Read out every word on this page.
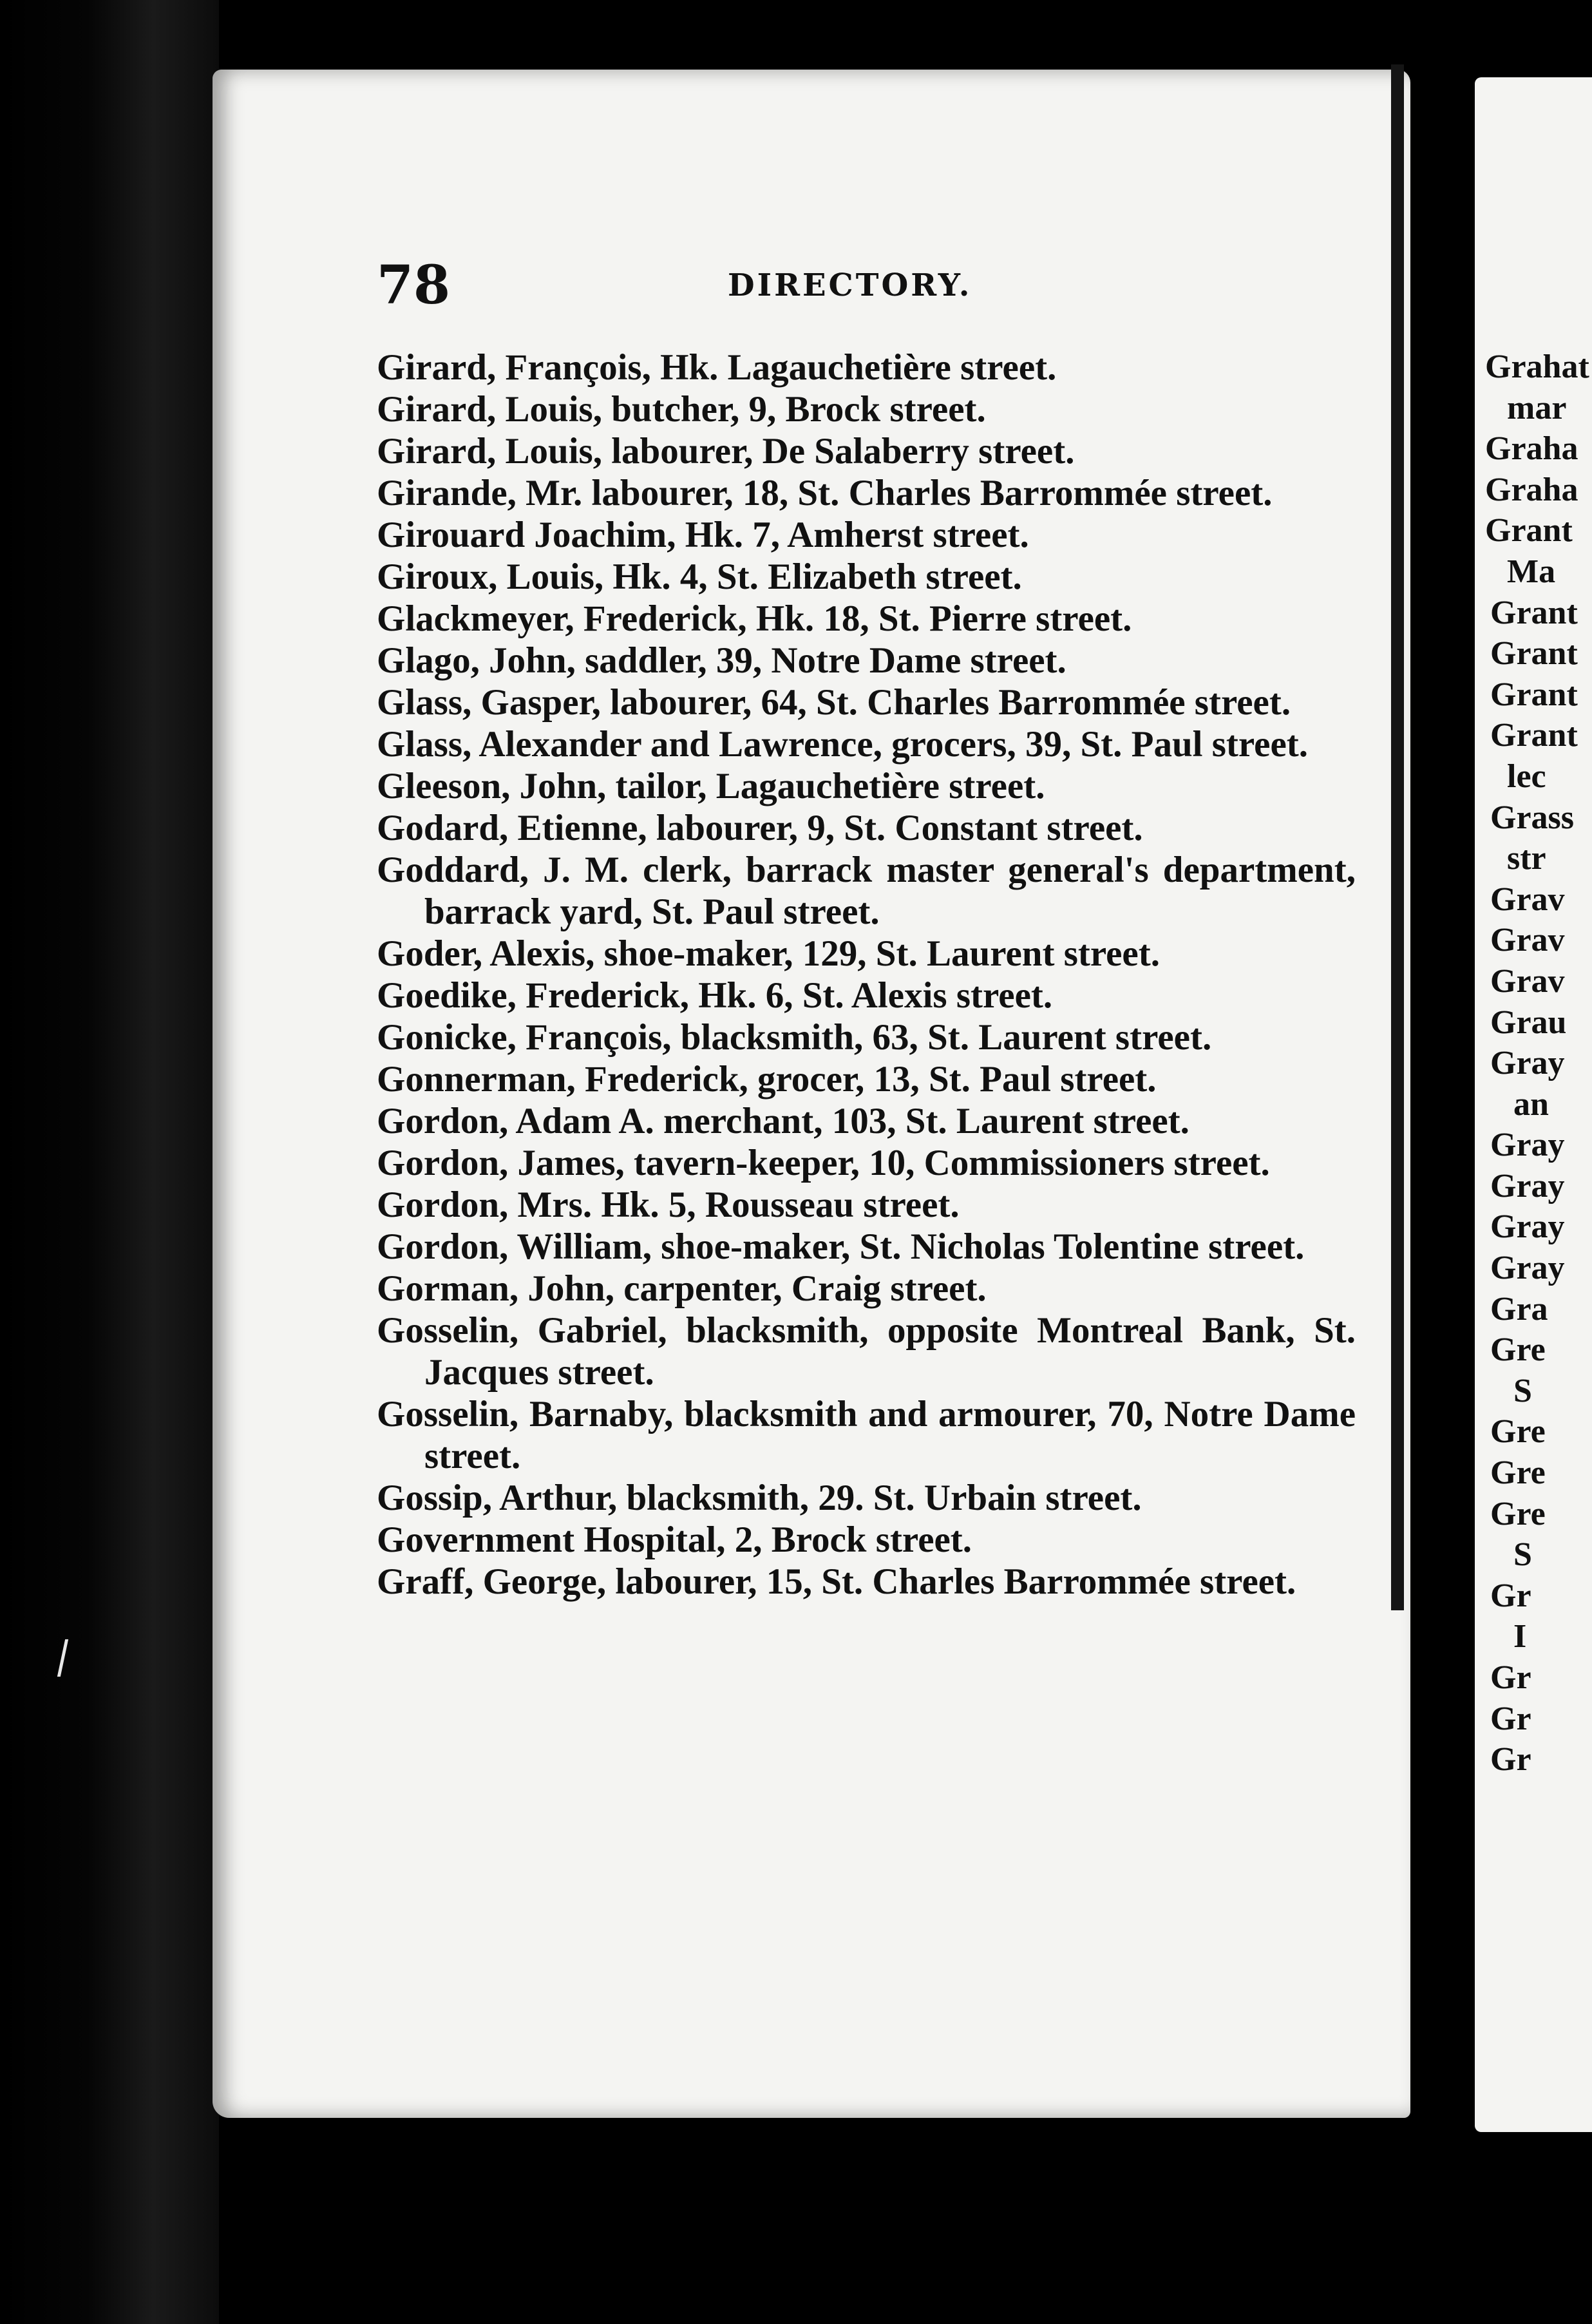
78	DIRECTORY.
Girard, François, Hk. Lagauchetière street.
Girard, Louis, butcher, 9, Brock street.
Girard, Louis, labourer, De Salaberry street.
Girande, Mr. labourer, 18, St. Charles Barrommée street.
Girouard Joachim, Hk. 7, Amherst street.
Giroux, Louis, Hk. 4, St. Elizabeth street.
Glackmeyer, Frederick, Hk. 18, St. Pierre street.
Glago, John, saddler, 39, Notre Dame street.
Glass, Gasper, labourer, 64, St. Charles Barrommée street.
Glass, Alexander and Lawrence, grocers, 39, St. Paul street.
Gleeson, John, tailor, Lagauchetière street.
Godard, Etienne, labourer, 9, St. Constant street.
Goddard, J. M. clerk, barrack master general's department, barrack yard, St. Paul street.
Goder, Alexis, shoe-maker, 129, St. Laurent street.
Goedike, Frederick, Hk. 6, St. Alexis street.
Gonicke, François, blacksmith, 63, St. Laurent street.
Gonnerman, Frederick, grocer, 13, St. Paul street.
Gordon, Adam A. merchant, 103, St. Laurent street.
Gordon, James, tavern-keeper, 10, Commissioners street.
Gordon, Mrs. Hk. 5, Rousseau street.
Gordon, William, shoe-maker, St. Nicholas Tolentine street.
Gorman, John, carpenter, Craig street.
Gosselin, Gabriel, blacksmith, opposite Montreal Bank, St. Jacques street.
Gosselin, Barnaby, blacksmith and armourer, 70, Notre Dame street.
Gossip, Arthur, blacksmith, 29. St. Urbain street.
Government Hospital, 2, Brock street.
Graff, George, labourer, 15, St. Charles Barrommée street.
Grahat
mar
Graha
Graha
Grant
Ma
Grant
Grant
Grant
Grant
lec
Grass
str
Grav
Grav
Grav
Grau
Gray
an
Gray
Gray
Gray
Gray
Gra
Gre
S
Gre
Gre
Gre
S
Gr
I
Gr
Gr
Gr
